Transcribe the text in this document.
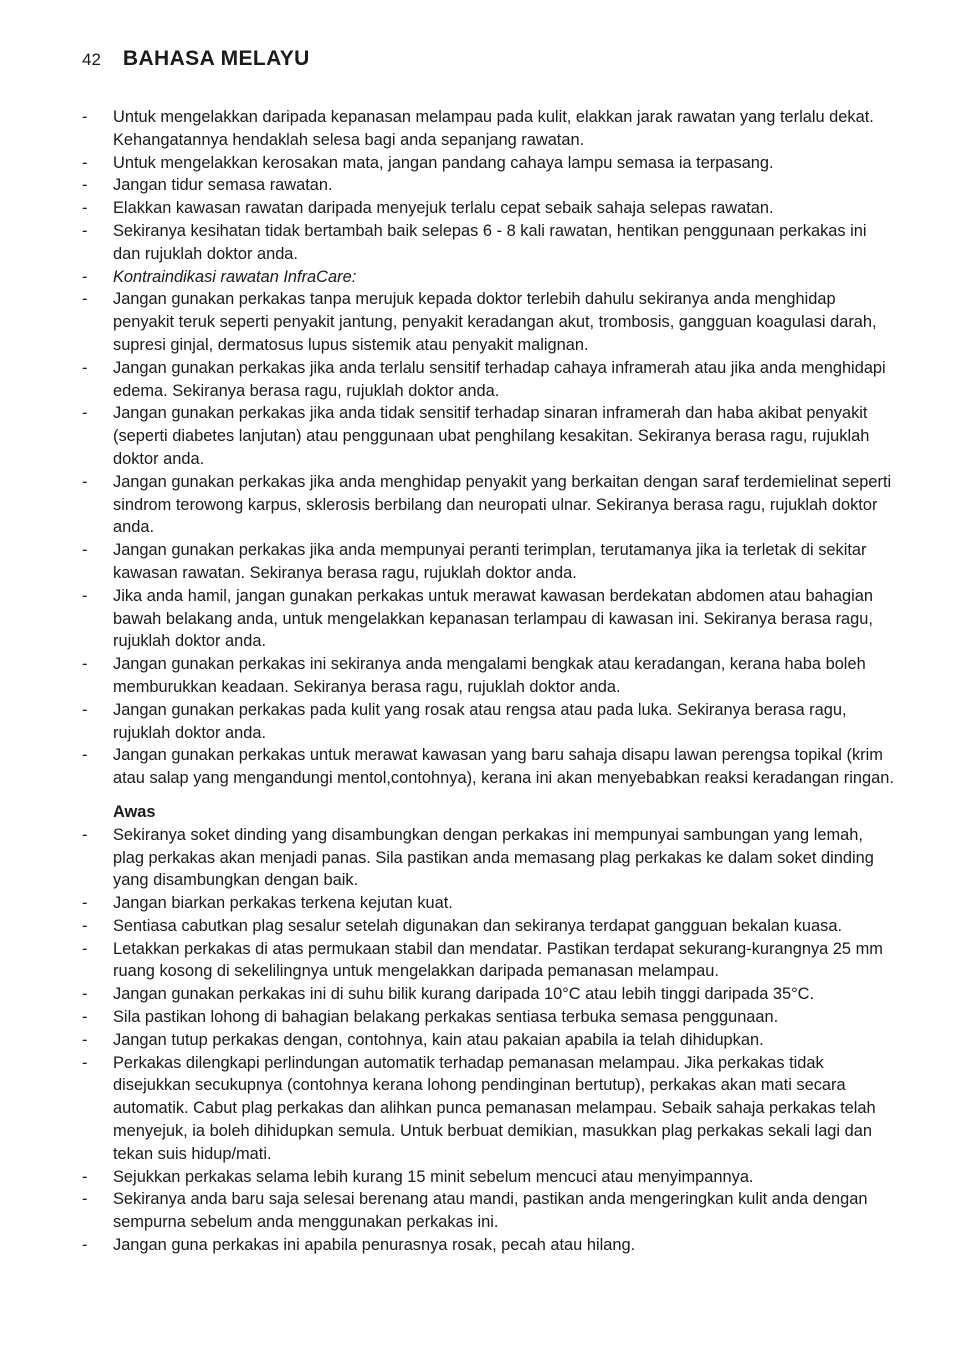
42 BAHASA MELAYU
-	Untuk mengelakkan daripada kepanasan melampau pada kulit, elakkan jarak rawatan yang terlalu dekat. Kehangatannya hendaklah selesa bagi anda sepanjang rawatan.
-	Untuk mengelakkan kerosakan mata, jangan pandang cahaya lampu semasa ia terpasang.
-	Jangan tidur semasa rawatan.
-	Elakkan kawasan rawatan daripada menyejuk terlalu cepat sebaik sahaja selepas rawatan.
-	Sekiranya kesihatan tidak bertambah baik selepas 6 - 8 kali rawatan, hentikan penggunaan perkakas ini dan rujuklah doktor anda.
-	Kontraindikasi rawatan InfraCare:
-	Jangan gunakan perkakas tanpa merujuk kepada doktor terlebih dahulu sekiranya anda menghidap penyakit teruk seperti penyakit jantung, penyakit keradangan akut, trombosis, gangguan koagulasi darah, supresi ginjal, dermatosus lupus sistemik atau penyakit malignan.
-	Jangan gunakan perkakas jika anda terlalu sensitif terhadap cahaya inframerah atau jika anda menghidapi edema. Sekiranya berasa ragu, rujuklah doktor anda.
-	Jangan gunakan perkakas jika anda tidak sensitif terhadap sinaran inframerah dan haba akibat penyakit (seperti diabetes lanjutan) atau penggunaan ubat penghilang kesakitan. Sekiranya berasa ragu, rujuklah doktor anda.
-	Jangan gunakan perkakas jika anda menghidap penyakit yang berkaitan dengan saraf terdemielinat seperti sindrom terowong karpus, sklerosis berbilang dan neuropati ulnar. Sekiranya berasa ragu, rujuklah doktor anda.
-	Jangan gunakan perkakas jika anda mempunyai peranti terimplan, terutamanya jika ia terletak di sekitar kawasan rawatan. Sekiranya berasa ragu, rujuklah doktor anda.
-	Jika anda hamil, jangan gunakan perkakas untuk merawat kawasan berdekatan abdomen atau bahagian bawah belakang anda, untuk mengelakkan kepanasan terlampau di kawasan ini. Sekiranya berasa ragu, rujuklah doktor anda.
-	Jangan gunakan perkakas ini sekiranya anda mengalami bengkak atau keradangan, kerana haba boleh memburukkan keadaan. Sekiranya berasa ragu, rujuklah doktor anda.
-	Jangan gunakan perkakas pada kulit yang rosak atau rengsa atau pada luka. Sekiranya berasa ragu, rujuklah doktor anda.
-	Jangan gunakan perkakas untuk merawat kawasan yang baru sahaja disapu lawan perengsa topikal (krim atau salap yang mengandungi mentol,contohnya), kerana ini akan menyebabkan reaksi keradangan ringan.
Awas
-	Sekiranya soket dinding yang disambungkan dengan perkakas ini mempunyai sambungan yang lemah, plag perkakas akan menjadi panas. Sila pastikan anda memasang plag perkakas ke dalam soket dinding yang disambungkan dengan baik.
-	Jangan biarkan perkakas terkena kejutan kuat.
-	Sentiasa cabutkan plag sesalur setelah digunakan dan sekiranya terdapat gangguan bekalan kuasa.
-	Letakkan perkakas di atas permukaan stabil dan mendatar. Pastikan terdapat sekurang-kurangnya 25 mm ruang kosong di sekelilingnya untuk mengelakkan daripada pemanasan melampau.
-	Jangan gunakan perkakas ini di suhu bilik kurang daripada 10°C atau lebih tinggi daripada 35°C.
-	Sila pastikan lohong di bahagian belakang perkakas sentiasa terbuka semasa penggunaan.
-	Jangan tutup perkakas dengan, contohnya, kain atau pakaian apabila ia telah dihidupkan.
-	Perkakas dilengkapi perlindungan automatik terhadap pemanasan melampau. Jika perkakas tidak disejukkan secukupnya (contohnya kerana lohong pendinginan bertutup), perkakas akan mati secara automatik. Cabut plag perkakas dan alihkan punca pemanasan melampau. Sebaik sahaja perkakas telah menyejuk, ia boleh dihidupkan semula. Untuk berbuat demikian, masukkan plag perkakas sekali lagi dan tekan suis hidup/mati.
-	Sejukkan perkakas selama lebih kurang 15 minit sebelum mencuci atau menyimpannya.
-	Sekiranya anda baru saja selesai berenang atau mandi, pastikan anda mengeringkan kulit anda dengan sempurna sebelum anda menggunakan perkakas ini.
-	Jangan guna perkakas ini apabila penurasnya rosak, pecah atau hilang.
